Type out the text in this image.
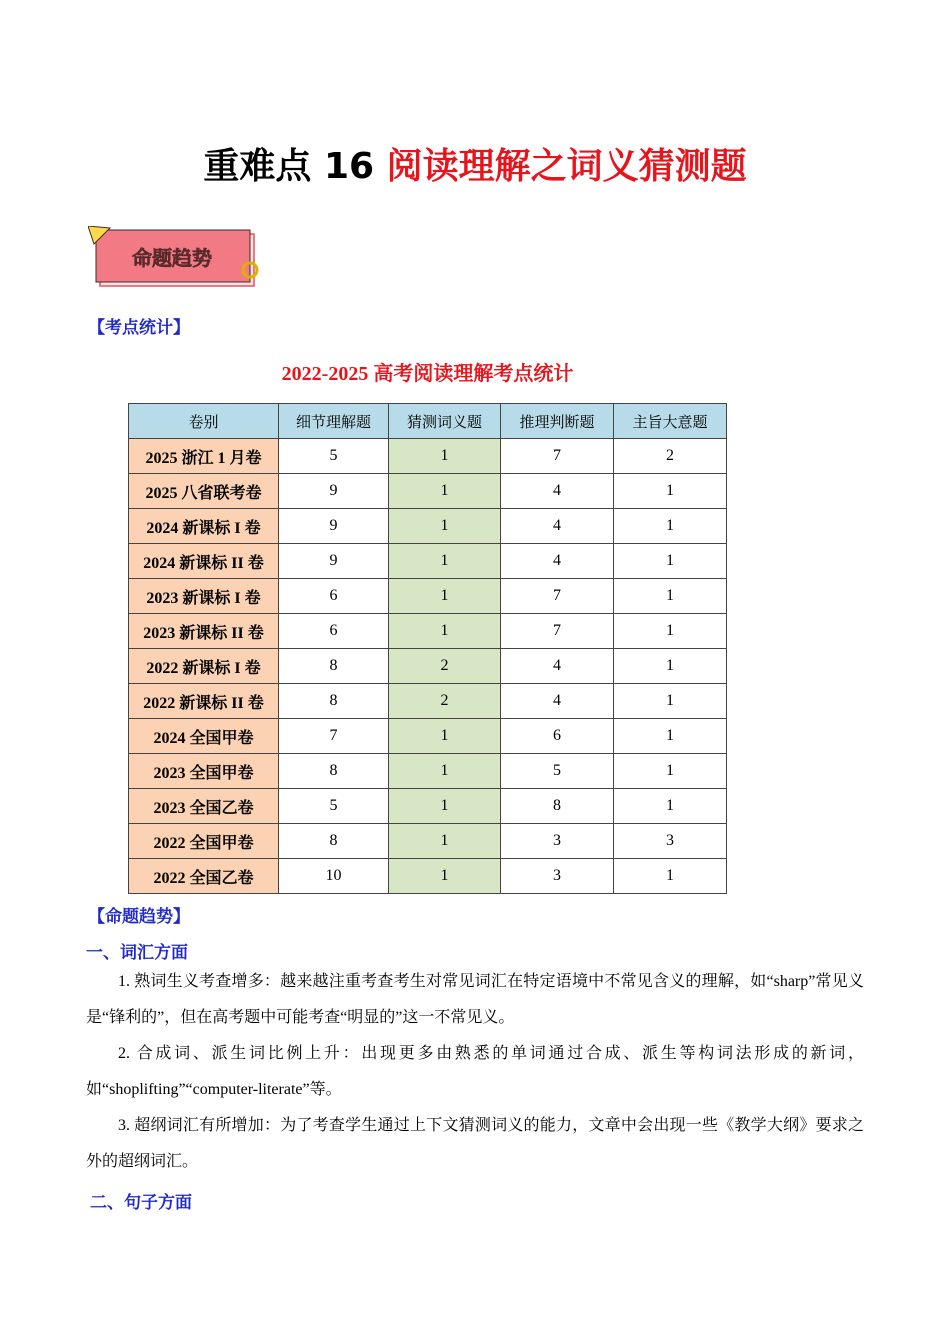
重难点 16 阅读理解之词义猜测题
命题趋势
【考点统计】
2022-2025 高考阅读理解考点统计
卷别	细节理解题	猜测词义题	推理判断题	主旨大意题
2025 浙江 1 月卷	5	1	7	2
2025 八省联考卷	9	1	4	1
2024 新课标 I 卷	9	1	4	1
2024 新课标 II 卷	9	1	4	1
2023 新课标 I 卷	6	1	7	1
2023 新课标 II 卷	6	1	7	1
2022 新课标 I 卷	8	2	4	1
2022 新课标 II 卷	8	2	4	1
2024 全国甲卷	7	1	6	1
2023 全国甲卷	8	1	5	1
2023 全国乙卷	5	1	8	1
2022 全国甲卷	8	1	3	3
2022 全国乙卷	10	1	3	1
【命题趋势】
一、词汇方面

1. 熟词生义考查增多：越来越注重考查考生对常见词汇在特定语境中不常见含义的理解，如“sharp”常见义是“锋利的”，但在高考题中可能考查“明显的”这一不常见义。

2. 合成词、派生词比例上升：出现更多由熟悉的单词通过合成、派生等构词法形成的新词，如“shoplifting”“computer-literate”等。

3. 超纲词汇有所增加：为了考查学生通过上下文猜测词义的能力，文章中会出现一些《教学大纲》要求之外的超纲词汇。

二、句子方面
